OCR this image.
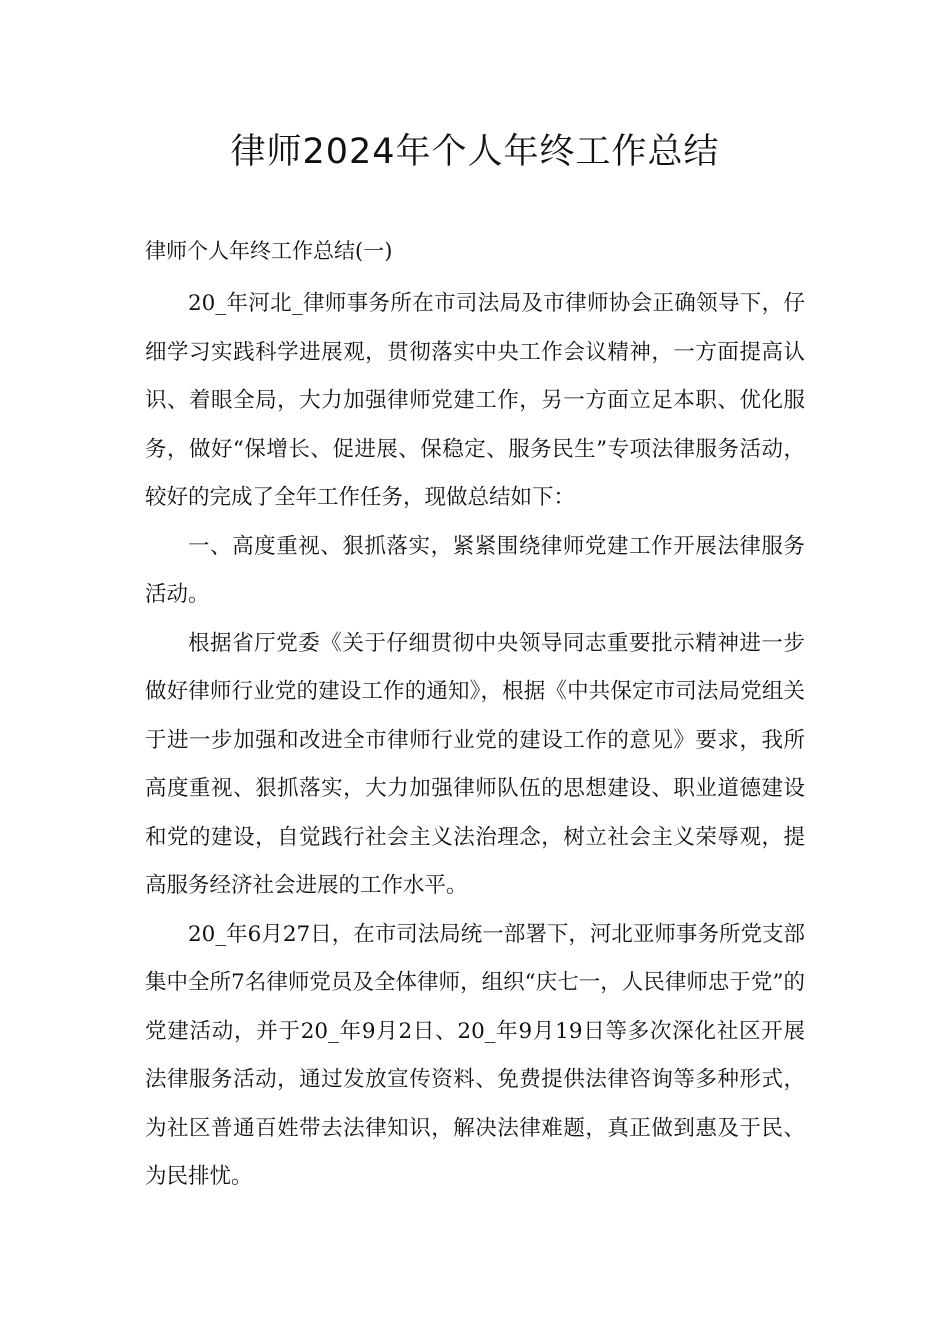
律师2024年个人年终工作总结

律师个人年终工作总结(一)

20_年河北_律师事务所在市司法局及市律师协会正确领导下，仔细学习实践科学进展观，贯彻落实中央工作会议精神，一方面提高认识、着眼全局，大力加强律师党建工作，另一方面立足本职、优化服务，做好“保增长、促进展、保稳定、服务民生”专项法律服务活动，较好的完成了全年工作任务，现做总结如下：

一、高度重视、狠抓落实，紧紧围绕律师党建工作开展法律服务活动。

根据省厅党委《关于仔细贯彻中央领导同志重要批示精神进一步做好律师行业党的建设工作的通知》，根据《中共保定市司法局党组关于进一步加强和改进全市律师行业党的建设工作的意见》要求，我所高度重视、狠抓落实，大力加强律师队伍的思想建设、职业道德建设和党的建设，自觉践行社会主义法治理念，树立社会主义荣辱观，提高服务经济社会进展的工作水平。

20_年6月27日，在市司法局统一部署下，河北亚师事务所党支部集中全所7名律师党员及全体律师，组织“庆七一，人民律师忠于党”的党建活动，并于20_年9月2日、20_年9月19日等多次深化社区开展法律服务活动，通过发放宣传资料、免费提供法律咨询等多种形式，为社区普通百姓带去法律知识，解决法律难题，真正做到惠及于民、为民排忧。
